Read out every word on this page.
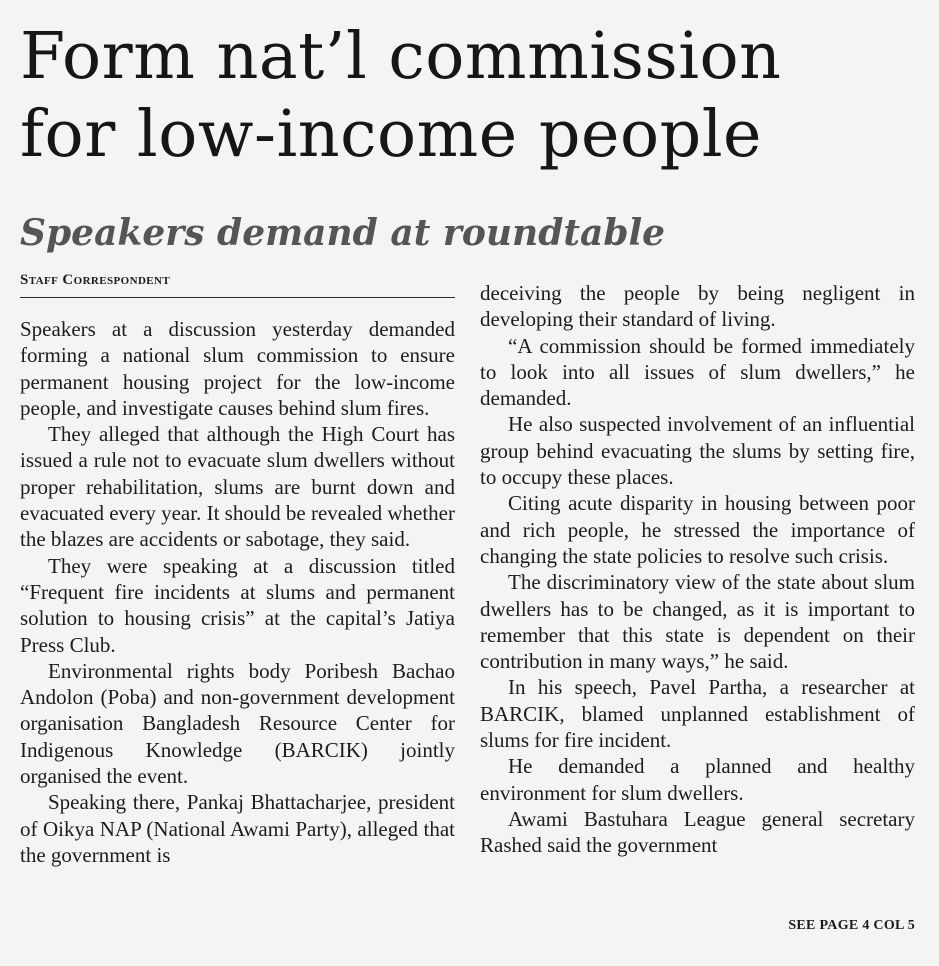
Form nat’l commission
for low-income people
Speakers demand at roundtable
Staff Correspondent

Speakers at a discussion yesterday demanded forming a national slum commission to ensure permanent housing project for the low-income people, and investigate causes behind slum fires.

They alleged that although the High Court has issued a rule not to evacuate slum dwellers without proper rehabilitation, slums are burnt down and evacuated every year. It should be revealed whether the blazes are accidents or sabotage, they said.

They were speaking at a discussion titled “Frequent fire incidents at slums and permanent solution to housing crisis” at the capital’s Jatiya Press Club.

Environmental rights body Poribesh Bachao Andolon (Poba) and non-government development organisation Bangladesh Resource Center for Indigenous Knowledge (BARCIK) jointly organised the event.

Speaking there, Pankaj Bhattacharjee, president of Oikya NAP (National Awami Party), alleged that the government is

deceiving the people by being negligent in developing their standard of living.

“A commission should be formed immediately to look into all issues of slum dwellers,” he demanded.

He also suspected involvement of an influential group behind evacuating the slums by setting fire, to occupy these places.

Citing acute disparity in housing between poor and rich people, he stressed the importance of changing the state policies to resolve such crisis.

The discriminatory view of the state about slum dwellers has to be changed, as it is important to remember that this state is dependent on their contribution in many ways,” he said.

In his speech, Pavel Partha, a researcher at BARCIK, blamed unplanned establishment of slums for fire incident.

He demanded a planned and healthy environment for slum dwellers.

Awami Bastuhara League general secretary Rashed said the government

SEE PAGE 4 COL 5
